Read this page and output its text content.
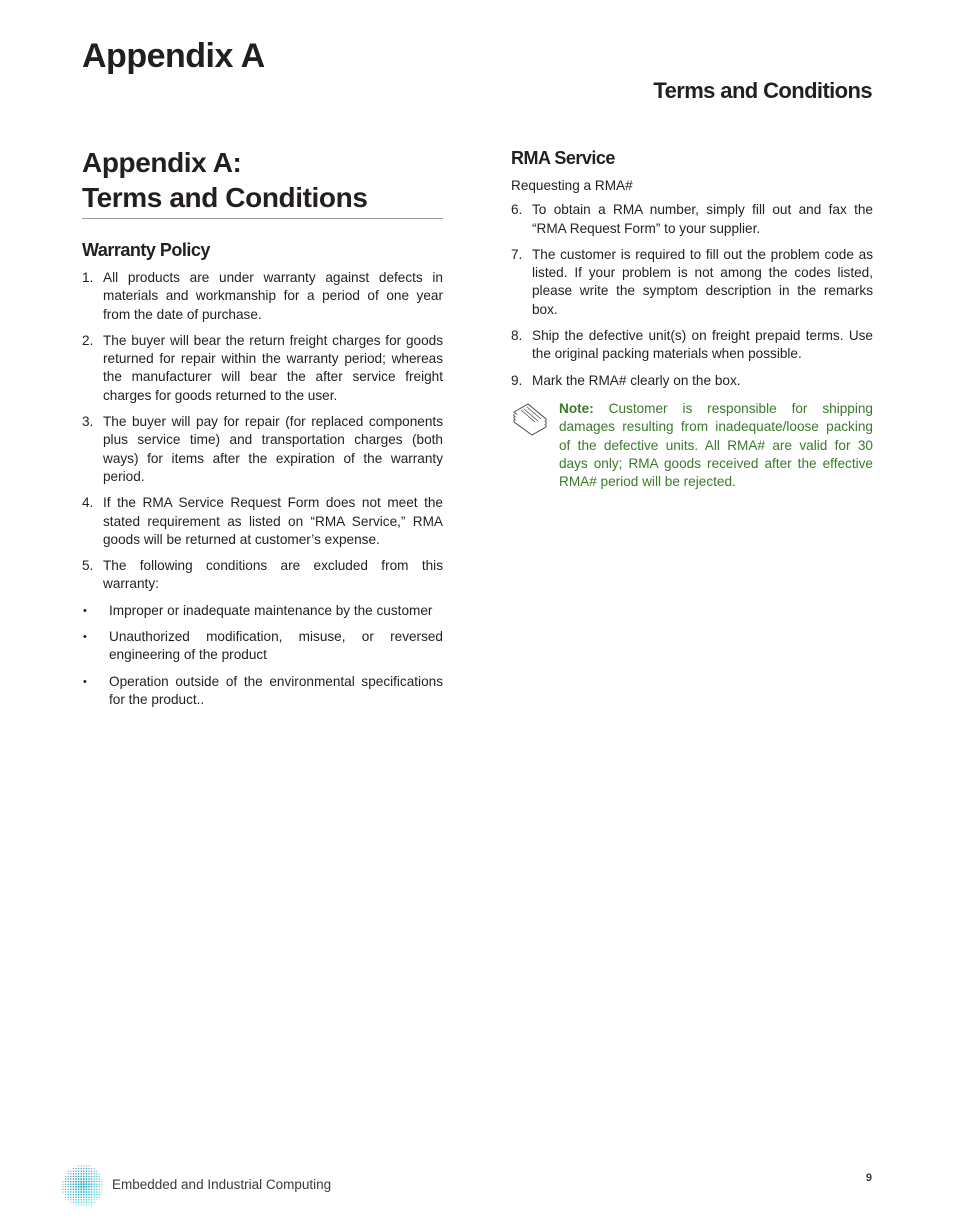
Appendix A
Terms and Conditions
Appendix A:
Terms and Conditions
Warranty Policy
1. All products are under warranty against defects in materials and workmanship for a period of one year from the date of purchase.
2. The buyer will bear the return freight charges for goods returned for repair within the warranty period; whereas the manufacturer will bear the after service freight charges for goods returned to the user.
3. The buyer will pay for repair (for replaced components plus service time) and transportation charges (both ways) for items after the expiration of the warranty period.
4. If the RMA Service Request Form does not meet the stated requirement as listed on “RMA Service,” RMA goods will be returned at customer’s expense.
5. The following conditions are excluded from this warranty:
•	Improper or inadequate maintenance by the customer
•	Unauthorized modification, misuse, or reversed engineering of the product
•	Operation outside of the environmental specifications for the product..
RMA Service

Requesting a RMA#

6. To obtain a RMA number, simply fill out and fax the “RMA Request Form” to your supplier.
7. The customer is required to fill out the problem code as listed. If your problem is not among the codes listed, please write the symptom description in the remarks box.
8. Ship the defective unit(s) on freight prepaid terms. Use the original packing materials when possible.
9. Mark the RMA# clearly on the box.
Note: Customer is responsible for shipping damages resulting from inadequate/loose packing of the defective units. All RMA# are valid for 30 days only; RMA goods received after the effective RMA# period will be rejected.
Embedded and Industrial Computing	9
